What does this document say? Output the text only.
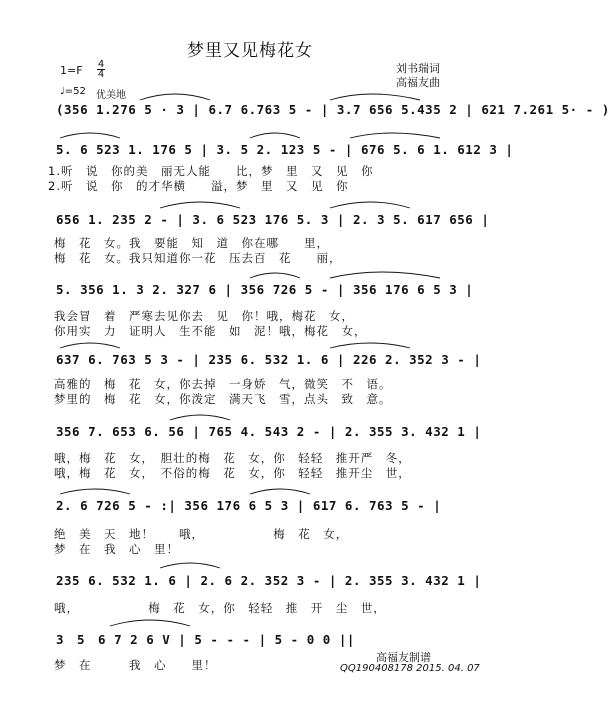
梦里又见梅花女
刘书瑞词
高福友曲
1=F 4
4
♩=52 优美地
(356 1.276 5 · 3 | 6.7 6.763 5 - | 3.7 656 5.435 2 | 621 7.261 5· - )
5. 6 523 1. 176 5 | 3. 5 2. 123 5 - | 676 5. 6 1. 612 3 |
1.听　说　你的美　丽无人能　　比，梦　里　又　见　你
2.听　说　你　的才华横　　溢，梦　里　又　见　你
656 1. 235 2 - | 3. 6 523 176 5. 3 | 2. 3 5. 617 656 |
梅　花　女。我　要能　知　道　你在哪　　里，
梅　花　女。我只知道你一花　压去百　花　　丽，
5. 356 1. 3 2. 327 6 | 356 726 5 - | 356 176 6 5 3 |
我会冒　着　严寒去见你去　见　你！哦，梅花　女，
你用实　力　证明人　生不能　如　泥！哦，梅花　女，
637 6. 763 5 3 - | 235 6. 532 1. 6 | 226 2. 352 3 - |
高雅的　梅　花　女，你去掉　一身娇　气，微笑　不　语。
梦里的　梅　花　女，你泼定　满天飞　雪，点头　致　意。
356 7. 653 6. 56 | 765 4. 543 2 - | 2. 355 3. 432 1 |
哦，梅　花　女，　胆壮的梅　花　女，你　轻轻　推开严　冬，
哦，梅　花　女，　不俗的梅　花　女，你　轻轻　推开尘　世，
2. 6 726 5 - :| 356 176 6 5 3 | 617 6. 763 5 - |
绝　美　天　地！　　哦，　　　　　　梅　花　女，
梦　在　我　心　里！
235 6. 532 1. 6 | 2. 6 2. 352 3 - | 2. 355 3. 432 1 |
哦，　　　　　　梅　花　女，你　轻轻　推　开　尘　世，
3　5　6 7 2 6 V | 5 - - - | 5 - 0 0 ||
梦　在　　　我　心　　里！
高福友制谱
QQ190408178 2015. 04. 07
